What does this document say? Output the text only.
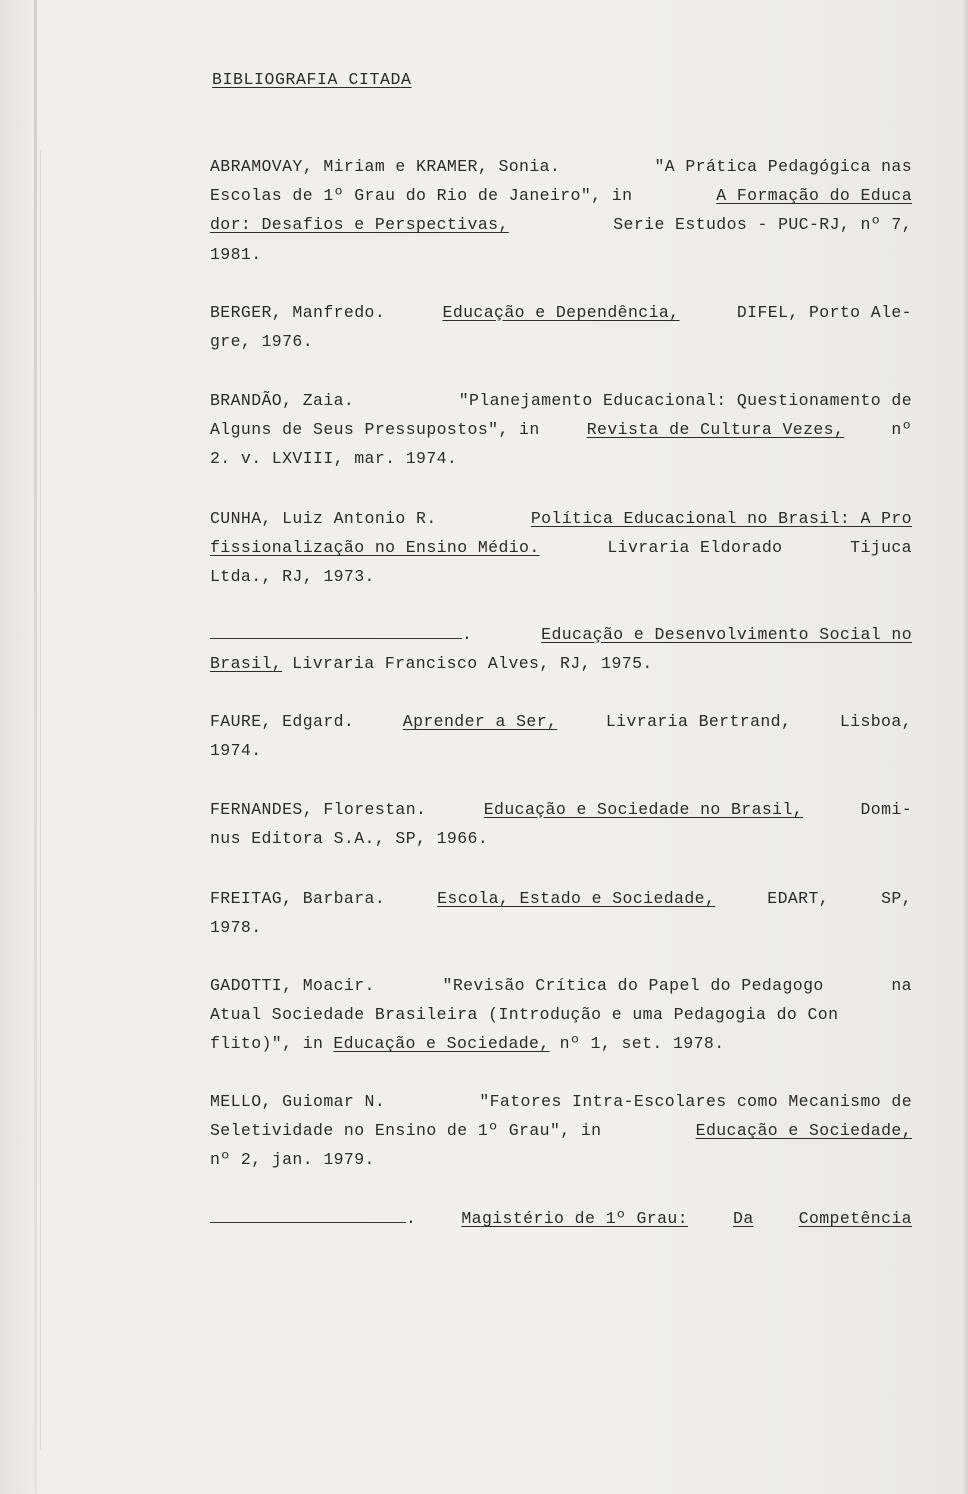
BIBLIOGRAFIA CITADA
ABRAMOVAY, Miriam e KRAMER, Sonia.	"A Prática Pedagógica nas
Escolas de 1º Grau do Rio de Janeiro", in	A Formação do Educa
dor: Desafios e Perspectivas,	Serie Estudos - PUC-RJ, nº 7,
1981.
BERGER, Manfredo.	Educação e Dependência,	DIFEL, Porto Ale-
gre, 1976.
BRANDÃO, Zaia.	"Planejamento Educacional: Questionamento de
Alguns de Seus Pressupostos", in	Revista de Cultura Vezes,	nº
2. v. LXVIII, mar. 1974.
CUNHA, Luiz Antonio R.	Política Educacional no Brasil: A Pro
fissionalização no Ensino Médio.	Livraria Eldorado	Tijuca
Ltda., RJ, 1973.
.	Educação e Desenvolvimento Social no
Brasil, Livraria Francisco Alves, RJ, 1975.
FAURE, Edgard.	Aprender a Ser,	Livraria Bertrand,	Lisboa,
1974.
FERNANDES, Florestan.	Educação e Sociedade no Brasil,	Domi-
nus Editora S.A., SP, 1966.
FREITAG, Barbara.	Escola, Estado e Sociedade,	EDART,	SP,
1978.
GADOTTI, Moacir.	"Revisão Crítica do Papel do Pedagogo	na
Atual Sociedade Brasileira (Introdução e uma Pedagogia do Con
flito)", in Educação e Sociedade, nº 1, set. 1978.
MELLO, Guiomar N.	"Fatores Intra-Escolares como Mecanismo de
Seletividade no Ensino de 1º Grau", in	Educação e Sociedade,
nº 2, jan. 1979.
.	Magistério de 1º Grau:	Da	Competência
